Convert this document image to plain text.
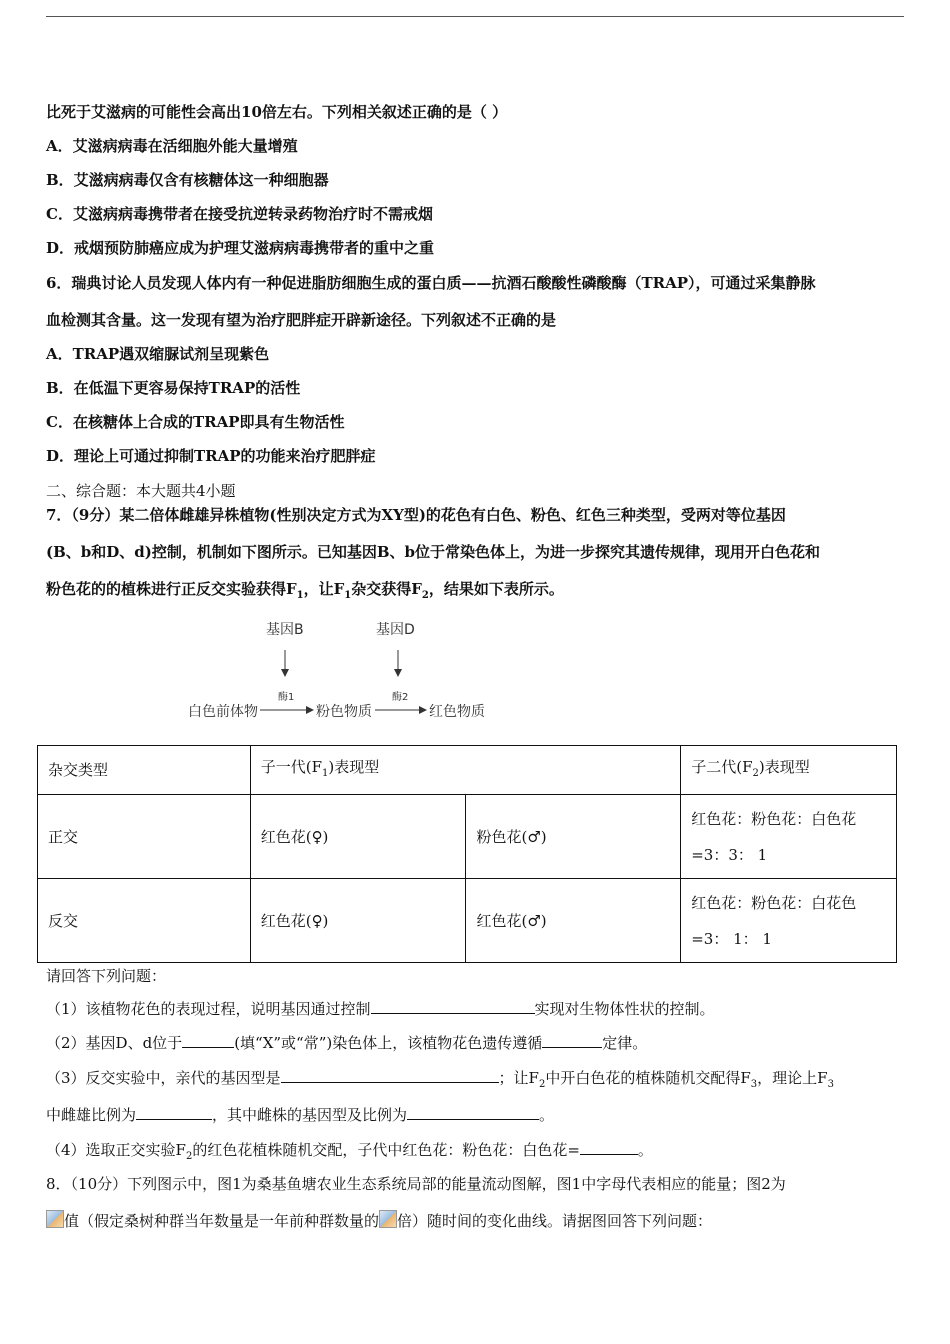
比死于艾滋病的可能性会高出10倍左右。下列相关叙述正确的是（ ）
A．艾滋病病毒在活细胞外能大量增殖
B．艾滋病病毒仅含有核糖体这一种细胞器
C．艾滋病病毒携带者在接受抗逆转录药物治疗时不需戒烟
D．戒烟预防肺癌应成为护理艾滋病病毒携带者的重中之重
6．瑞典讨论人员发现人体内有一种促进脂肪细胞生成的蛋白质——抗酒石酸酸性磷酸酶（TRAP），可通过采集静脉
血检测其含量。这一发现有望为治疗肥胖症开辟新途径。下列叙述不正确的是
A．TRAP遇双缩脲试剂呈现紫色
B．在低温下更容易保持TRAP的活性
C．在核糖体上合成的TRAP即具有生物活性
D．理论上可通过抑制TRAP的功能来治疗肥胖症
二、综合题：本大题共4小题
7．（9分）某二倍体雌雄异株植物(性别决定方式为XY型)的花色有白色、粉色、红色三种类型，受两对等位基因
(B、b和D、d)控制，机制如下图所示。已知基因B、b位于常染色体上，为进一步探究其遗传规律，现用开白色花和
粉色花的的植株进行正反交实验获得$F_1$，让$F_1$杂交获得$F_2$，结果如下表所示。
基因B	基因D
酶1	酶2
白色前体物	粉色物质	红色物质
杂交类型	子一代$(F_1)$表现型		子二代$(F_2)$表现型
正交	红色花(♀)	粉色花(♂)	红色花：粉色花：白色花
=3：3： 1

反交	红色花(♀)	红色花(♂)	红色花：粉色花：白花色
=3： 1： 1
请回答下列问题：
（1）该植物花色的表现过程，说明基因通过控制	实现对生物体性状的控制。
（2）基因D、d位于	(填“X”或“常”)染色体上，该植物花色遗传遵循	定律。
（3）反交实验中，亲代的基因型是	；让$F_2$中开白色花的植株随机交配得$F_3$，理论上$F_3$
中雌雄比例为	，其中雌株的基因型及比例为	。
（4）选取正交实验$F_2$的红色花植株随机交配，子代中红色花：粉色花：白色花=	。
8．（10分）下列图示中，图1为桑基鱼塘农业生态系统局部的能量流动图解，图1中字母代表相应的能量；图2为
值（假定桑树种群当年数量是一年前种群数量的 倍）随时间的变化曲线。请据图回答下列问题：
